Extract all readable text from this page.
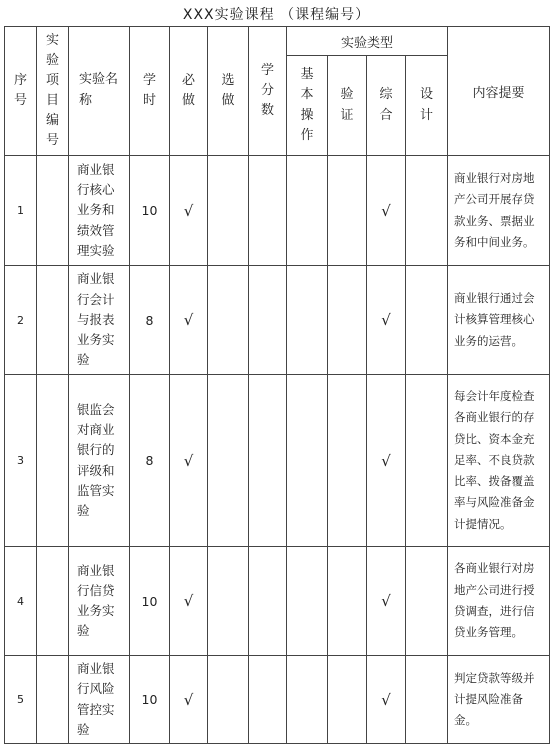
XXX实验课程 （课程编号）
序号	实验项目编号	实验名称	学时	必做	选做	学分数	实验类型				内容提要
							基本操作	验证	综合	设计	
1		商业银行核心业务和绩效管理实验	10	√					√		商业银行对房地产公司开展存贷款业务、票据业务和中间业务。

2		商业银行会计与报表业务实验	8	√					√		商业银行通过会计核算管理核心业务的运营。

3		银监会对商业银行的评级和监管实验	8	√					√		每会计年度检查各商业银行的存贷比、资本金充足率、不良贷款比率、拨备覆盖率与风险准备金计提情况。

4		商业银行信贷业务实验	10	√					√		各商业银行对房地产公司进行授贷调查，进行信贷业务管理。

5		商业银行风险管控实验	10	√					√		判定贷款等级并计提风险准备金。
